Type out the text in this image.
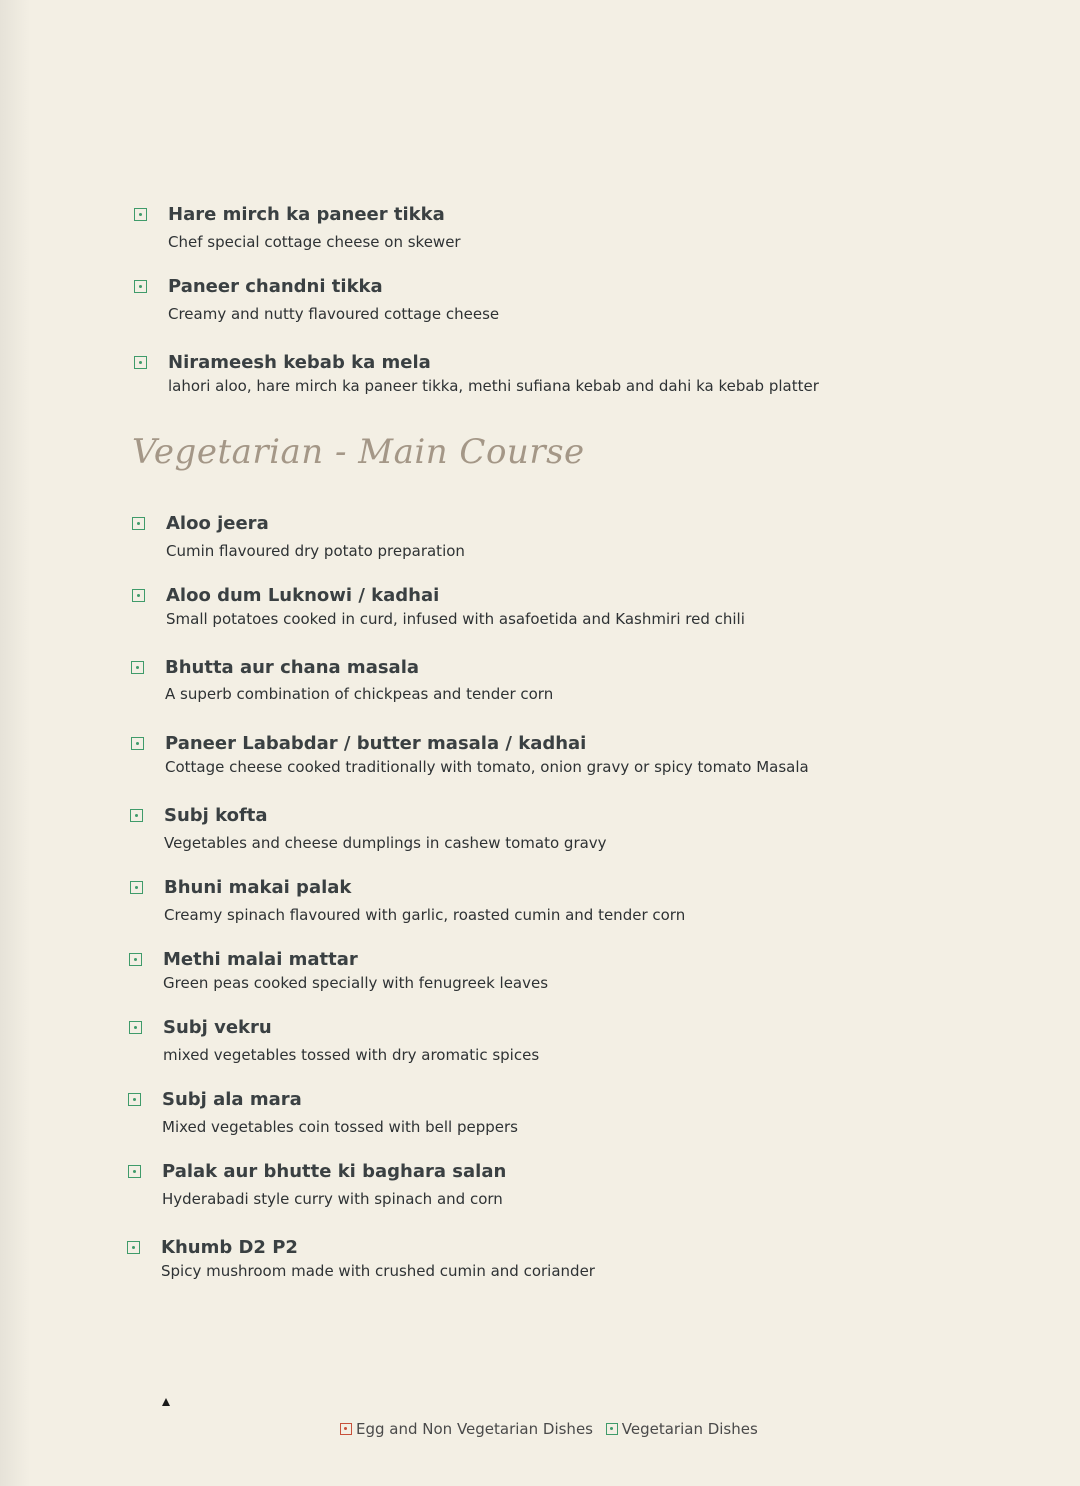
Hare mirch ka paneer tikka
Chef special cottage cheese on skewer
Paneer chandni tikka
Creamy and nutty flavoured cottage cheese
Nirameesh kebab ka mela
lahori aloo, hare mirch ka paneer tikka, methi sufiana kebab and dahi ka kebab platter
Vegetarian - Main Course
Aloo jeera
Cumin flavoured dry potato preparation
Aloo dum Luknowi / kadhai
Small potatoes cooked in curd, infused with asafoetida and Kashmiri red chili
Bhutta aur chana masala
A superb combination of chickpeas and tender corn
Paneer Lababdar / butter masala / kadhai
Cottage cheese cooked traditionally with tomato, onion gravy or spicy tomato Masala
Subj kofta
Vegetables and cheese dumplings in cashew tomato gravy
Bhuni makai palak
Creamy spinach flavoured with garlic, roasted cumin and tender corn
Methi malai mattar
Green peas cooked specially with fenugreek leaves
Subj vekru
mixed vegetables tossed with dry aromatic spices
Subj ala mara
Mixed vegetables coin tossed with bell peppers
Palak aur bhutte ki baghara salan
Hyderabadi style curry with spinach and corn
Khumb D2 P2
Spicy mushroom made with crushed cumin and coriander
Egg and Non Vegetarian Dishes Vegetarian Dishes
